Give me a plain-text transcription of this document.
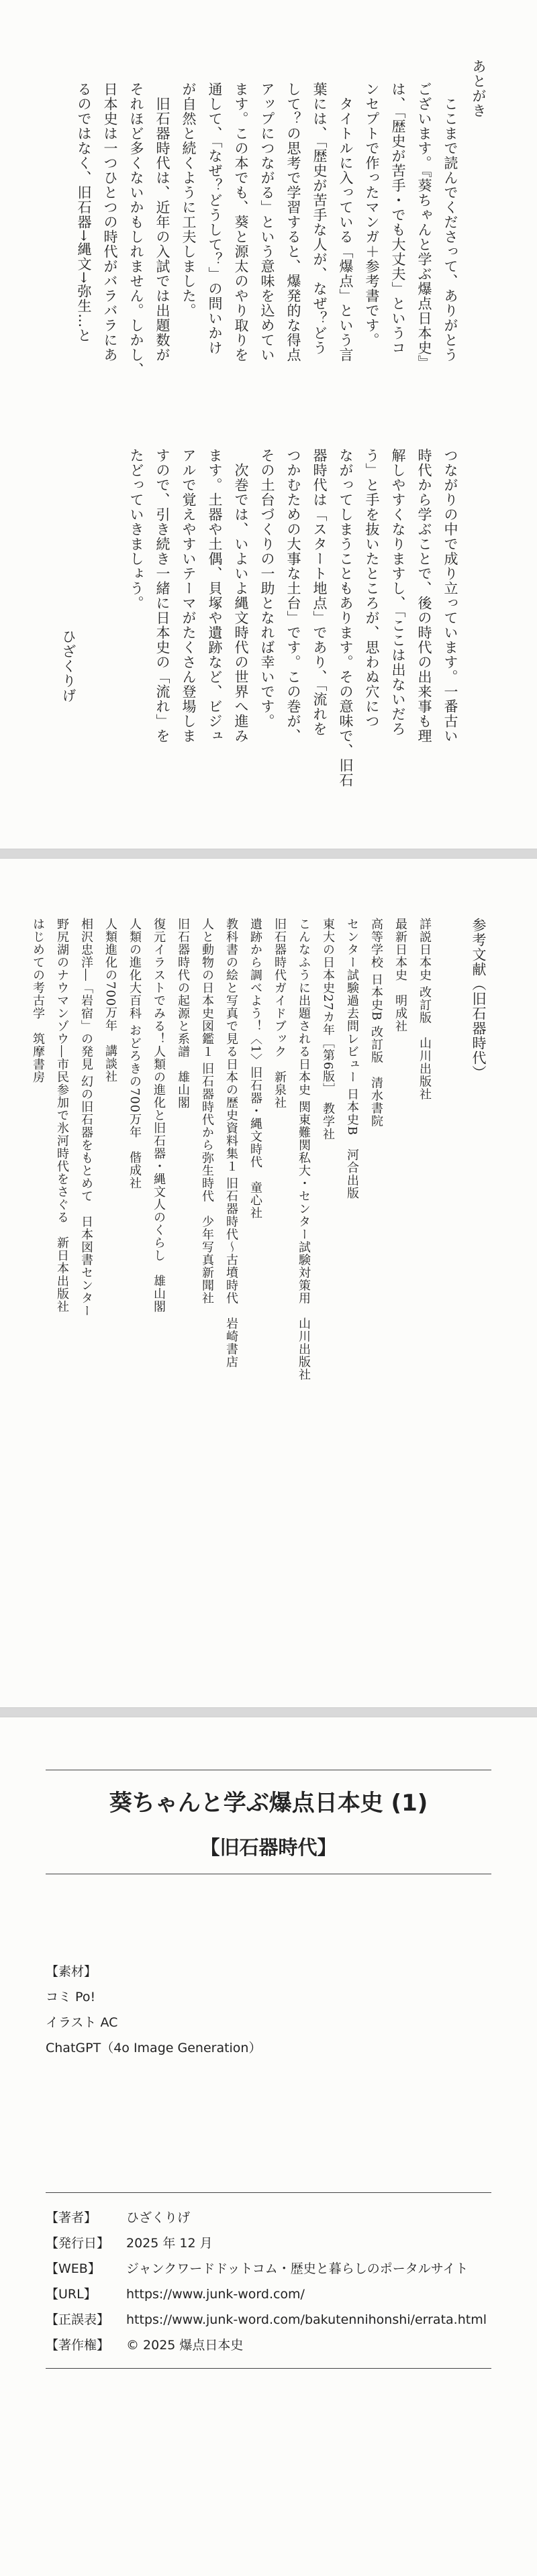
あとがき
　ここまで読んでくださって、ありがとう
ございます。『葵ちゃんと学ぶ爆点日本史』
は、「歴史が苦手・でも大丈夫」というコ
ンセプトで作ったマンガ＋参考書です。
　タイトルに入っている「爆点」という言
葉には、「歴史が苦手な人が、なぜ？どう
して？の思考で学習すると、爆発的な得点
アップにつながる」という意味を込めてい
ます。この本でも、葵と源太のやり取りを
通して、「なぜ？どうして？」の問いかけ
が自然と続くように工夫しました。
　旧石器時代は、近年の入試では出題数が
それほど多くないかもしれません。しかし、
日本史は一つひとつの時代がバラバラにあ
るのではなく、旧石器→縄文→弥生…と
つながりの中で成り立っています。一番古い
時代から学ぶことで、後の時代の出来事も理
解しやすくなりますし、「ここは出ないだろ
う」と手を抜いたところが、思わぬ穴につ
ながってしまうこともあります。その意味で、旧石
器時代は「スタート地点」であり、「流れを
つかむための大事な土台」です。この巻が、
その土台づくりの一助となれば幸いです。
　次巻では、いよいよ縄文時代の世界へ進み
ます。土器や土偶、貝塚や遺跡など、ビジュ
アルで覚えやすいテーマがたくさん登場しま
すので、引き続き一緒に日本史の「流れ」を
たどっていきましょう。
ひざくりげ
参考文献（旧石器時代）
詳説日本史 改訂版　山川出版社
最新日本史　明成社
高等学校 日本史B 改訂版　清水書院
センター試験過去問レビュー 日本史B　河合出版
東大の日本史27カ年［第6版］　教学社
こんなふうに出題される日本史 関東難関私大・センター試験対策用　山川出版社
旧石器時代ガイドブック　新泉社
遺跡から調べよう！〈1〉旧石器・縄文時代　童心社
教科書の絵と写真で見る日本の歴史資料集１ 旧石器時代〜古墳時代　岩崎書店
人と動物の日本史図鑑１ 旧石器時代から弥生時代　少年写真新聞社
旧石器時代の起源と系譜　雄山閣
復元イラストでみる！人類の進化と旧石器・縄文人のくらし　雄山閣
人類の進化大百科 おどろきの700万年　偕成社
人類進化の700万年　講談社
相沢忠洋―「岩宿」の発見 幻の旧石器をもとめて　日本図書センター
野尻湖のナウマンゾウ―市民参加で氷河時代をさぐる　新日本出版社
はじめての考古学　筑摩書房
葵ちゃんと学ぶ爆点日本史 (1)
【旧石器時代】
【素材】
コミ Po!
イラスト AC
ChatGPT（4o Image Generation）
【著者】	ひざくりげ
【発行日】	2025 年 12 月
【WEB】	ジャンクワードドットコム・歴史と暮らしのポータルサイト
【URL】	https://www.junk-word.com/
【正誤表】	https://www.junk-word.com/bakutennihonshi/errata.html
【著作権】	© 2025 爆点日本史
